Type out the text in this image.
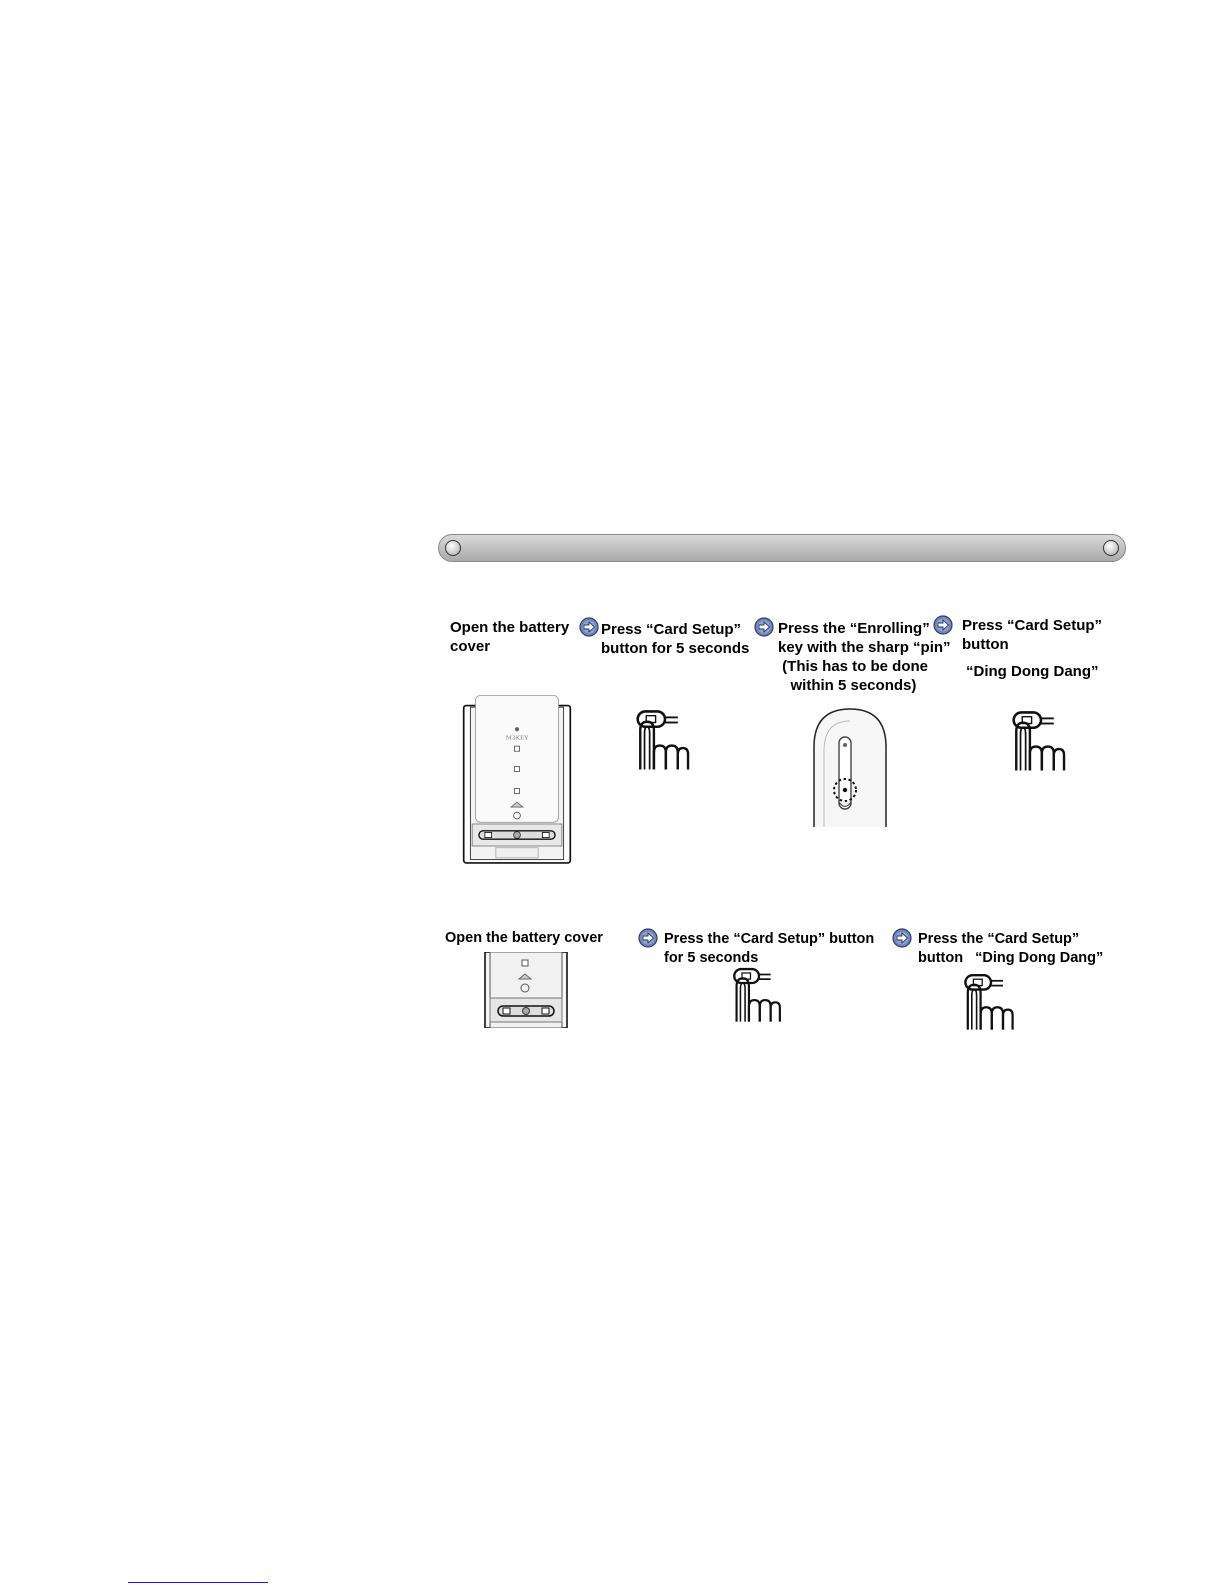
Open the battery
cover
Press “Card Setup”
button for 5 seconds
Press the “Enrolling”
key with the sharp “pin”
(This has to be done
within 5 seconds)
Press “Card Setup”
button
“Ding Dong Dang”
Open the battery cover	Press the “Card Setup” button
for 5 seconds
Press the “Card Setup”
button   “Ding Dong Dang”
